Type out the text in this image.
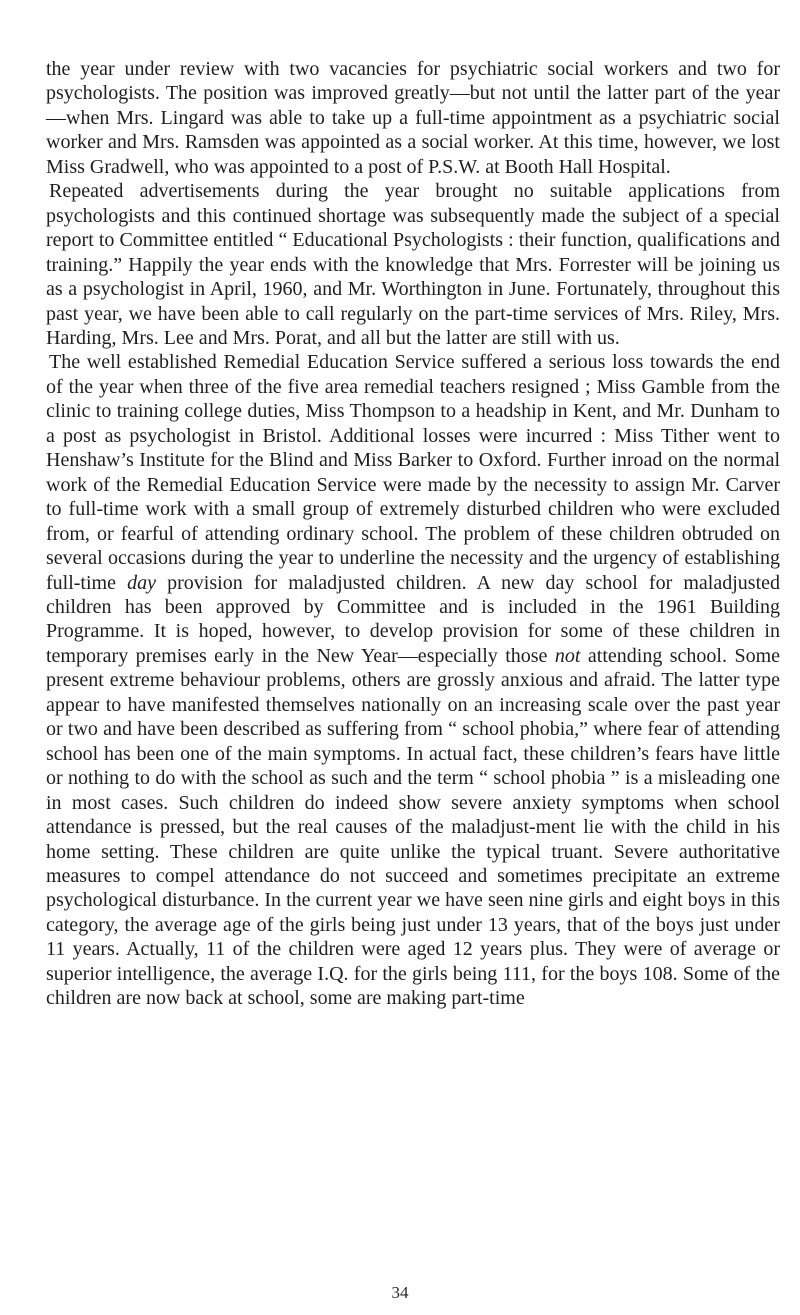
the year under review with two vacancies for psychiatric social workers and two for psychologists. The position was improved greatly—but not until the latter part of the year—when Mrs. Lingard was able to take up a full-time appointment as a psychiatric social worker and Mrs. Ramsden was appointed as a social worker. At this time, however, we lost Miss Gradwell, who was appointed to a post of P.S.W. at Booth Hall Hospital.

Repeated advertisements during the year brought no suitable applications from psychologists and this continued shortage was subsequently made the subject of a special report to Committee entitled “ Educational Psychologists : their function, qualifications and training.” Happily the year ends with the knowledge that Mrs. Forrester will be joining us as a psychologist in April, 1960, and Mr. Worthington in June. Fortunately, throughout this past year, we have been able to call regularly on the part-time services of Mrs. Riley, Mrs. Harding, Mrs. Lee and Mrs. Porat, and all but the latter are still with us.

The well established Remedial Education Service suffered a serious loss towards the end of the year when three of the five area remedial teachers resigned ; Miss Gamble from the clinic to training college duties, Miss Thompson to a headship in Kent, and Mr. Dunham to a post as psychologist in Bristol. Additional losses were incurred : Miss Tither went to Henshaw’s Institute for the Blind and Miss Barker to Oxford. Further inroad on the normal work of the Remedial Education Service were made by the necessity to assign Mr. Carver to full-time work with a small group of extremely disturbed children who were excluded from, or fearful of attending ordinary school. The problem of these children obtruded on several occasions during the year to underline the necessity and the urgency of establishing full-time day provision for maladjusted children. A new day school for maladjusted children has been approved by Committee and is included in the 1961 Building Programme. It is hoped, however, to develop provision for some of these children in temporary premises early in the New Year—especially those not attending school. Some present extreme behaviour problems, others are grossly anxious and afraid. The latter type appear to have manifested themselves nationally on an increasing scale over the past year or two and have been described as suffering from “ school phobia,” where fear of attending school has been one of the main symptoms. In actual fact, these children’s fears have little or nothing to do with the school as such and the term “ school phobia ” is a misleading one in most cases. Such children do indeed show severe anxiety symptoms when school attendance is pressed, but the real causes of the maladjust-ment lie with the child in his home setting. These children are quite unlike the typical truant. Severe authoritative measures to compel attendance do not succeed and sometimes precipitate an extreme psychological disturbance. In the current year we have seen nine girls and eight boys in this category, the average age of the girls being just under 13 years, that of the boys just under 11 years. Actually, 11 of the children were aged 12 years plus. They were of average or superior intelligence, the average I.Q. for the girls being 111, for the boys 108. Some of the children are now back at school, some are making part-time

34
